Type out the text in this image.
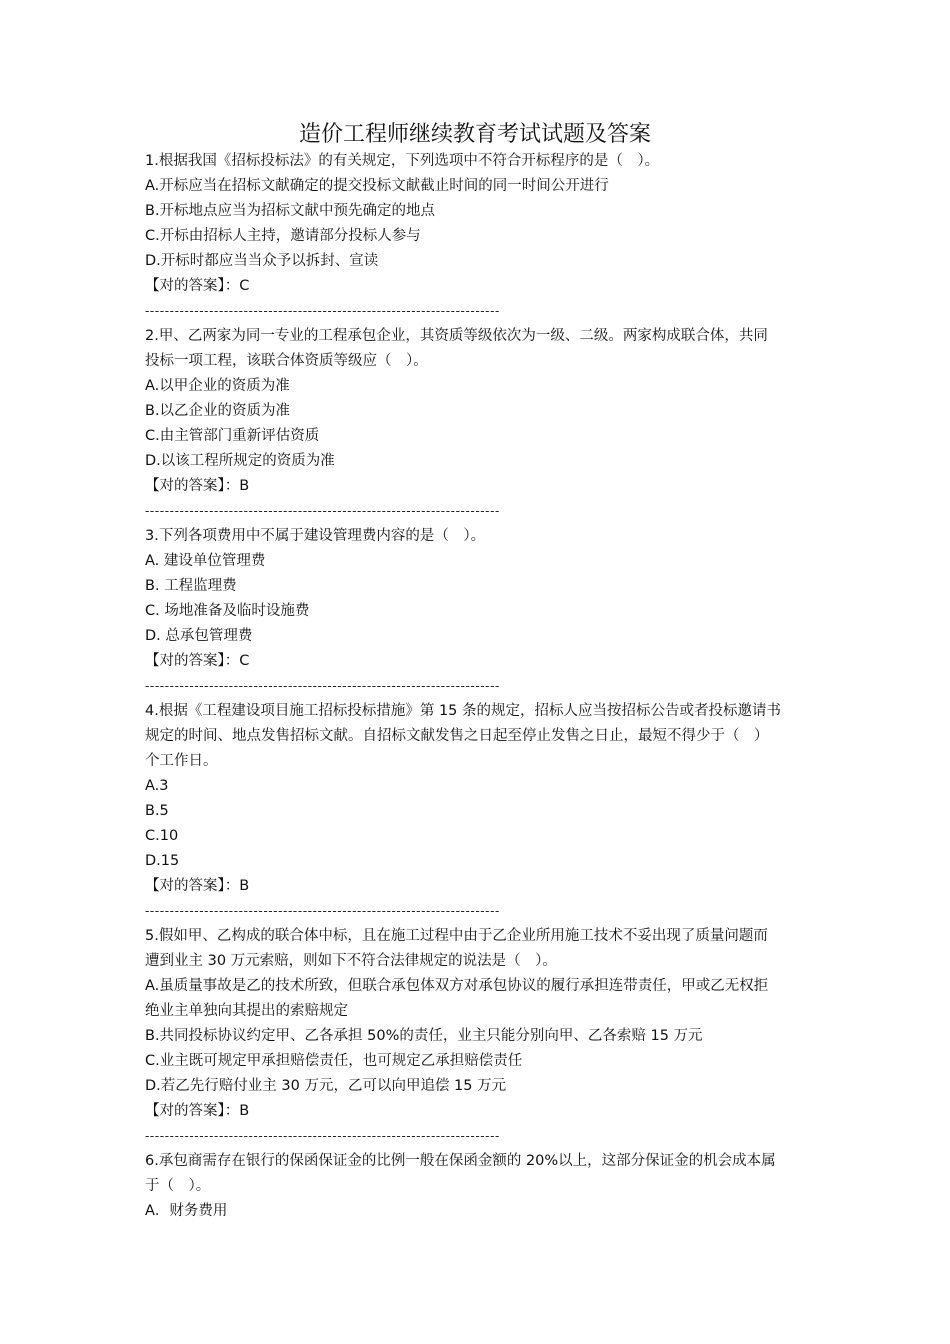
造价工程师继续教育考试试题及答案
1.根据我国《招标投标法》的有关规定，下列选项中不符合开标程序的是（　）。
A.开标应当在招标文献确定的提交投标文献截止时间的同一时间公开进行
B.开标地点应当为招标文献中预先确定的地点
C.开标由招标人主持，邀请部分投标人参与
D.开标时都应当当众予以拆封、宣读
【对的答案】：C
------------------------------------------------------------------------
2.甲、乙两家为同一专业的工程承包企业，其资质等级依次为一级、二级。两家构成联合体，共同
投标一项工程，该联合体资质等级应（　）。
A.以甲企业的资质为准
B.以乙企业的资质为准
C.由主管部门重新评估资质
D.以该工程所规定的资质为准
【对的答案】：B
------------------------------------------------------------------------
3.下列各项费用中不属于建设管理费内容的是（　）。
A. 建设单位管理费
B. 工程监理费
C. 场地准备及临时设施费
D. 总承包管理费
【对的答案】：C
------------------------------------------------------------------------
4.根据《工程建设项目施工招标投标措施》第 15 条的规定，招标人应当按招标公告或者投标邀请书
规定的时间、地点发售招标文献。自招标文献发售之日起至停止发售之日止，最短不得少于（　）
个工作日。
A.3
B.5
C.10
D.15
【对的答案】：B
------------------------------------------------------------------------
5.假如甲、乙构成的联合体中标，且在施工过程中由于乙企业所用施工技术不妥出现了质量问题而
遭到业主 30 万元索赔，则如下不符合法律规定的说法是（　）。
A.虽质量事故是乙的技术所致，但联合承包体双方对承包协议的履行承担连带责任，甲或乙无权拒
绝业主单独向其提出的索赔规定
B.共同投标协议约定甲、乙各承担 50%的责任，业主只能分别向甲、乙各索赔 15 万元
C.业主既可规定甲承担赔偿责任，也可规定乙承担赔偿责任
D.若乙先行赔付业主 30 万元，乙可以向甲追偿 15 万元
【对的答案】：B
------------------------------------------------------------------------
6.承包商需存在银行的保函保证金的比例一般在保函金额的 20%以上，这部分保证金的机会成本属
于（　）。
A．财务费用
